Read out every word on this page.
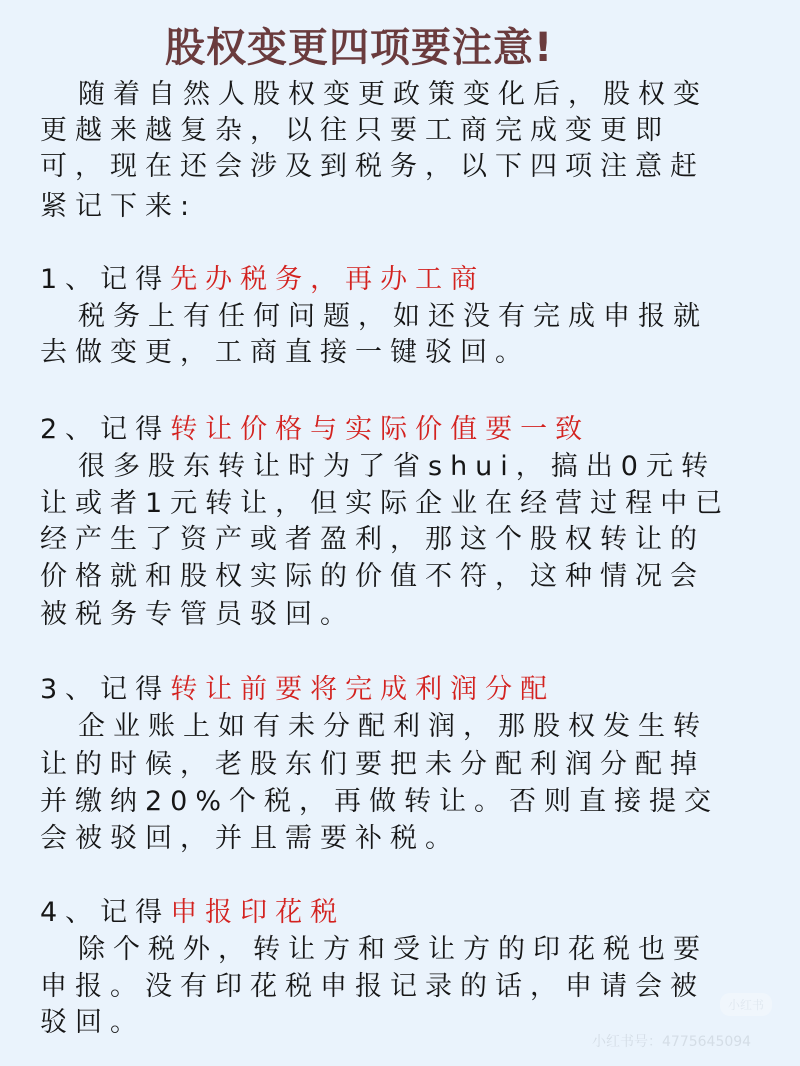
股权变更四项要注意!
随着自然人股权变更政策变化后，股权变
更越来越复杂，以往只要工商完成变更即
可，现在还会涉及到税务，以下四项注意赶
紧记下来:
1、记得先办税务，再办工商
税务上有任何问题，如还没有完成申报就
去做变更，工商直接一键驳回。
2、记得转让价格与实际价值要一致
很多股东转让时为了省shui，搞出0元转
让或者1元转让，但实际企业在经营过程中已
经产生了资产或者盈利，那这个股权转让的
价格就和股权实际的价值不符，这种情况会
被税务专管员驳回。
3、记得转让前要将完成利润分配
企业账上如有未分配利润，那股权发生转
让的时候，老股东们要把未分配利润分配掉
并缴纳20%个税，再做转让。否则直接提交
会被驳回，并且需要补税。
4、记得申报印花税
除个税外，转让方和受让方的印花税也要
申报。没有印花税申报记录的话，申请会被
驳回。
小红书
小红书号：4775645094
